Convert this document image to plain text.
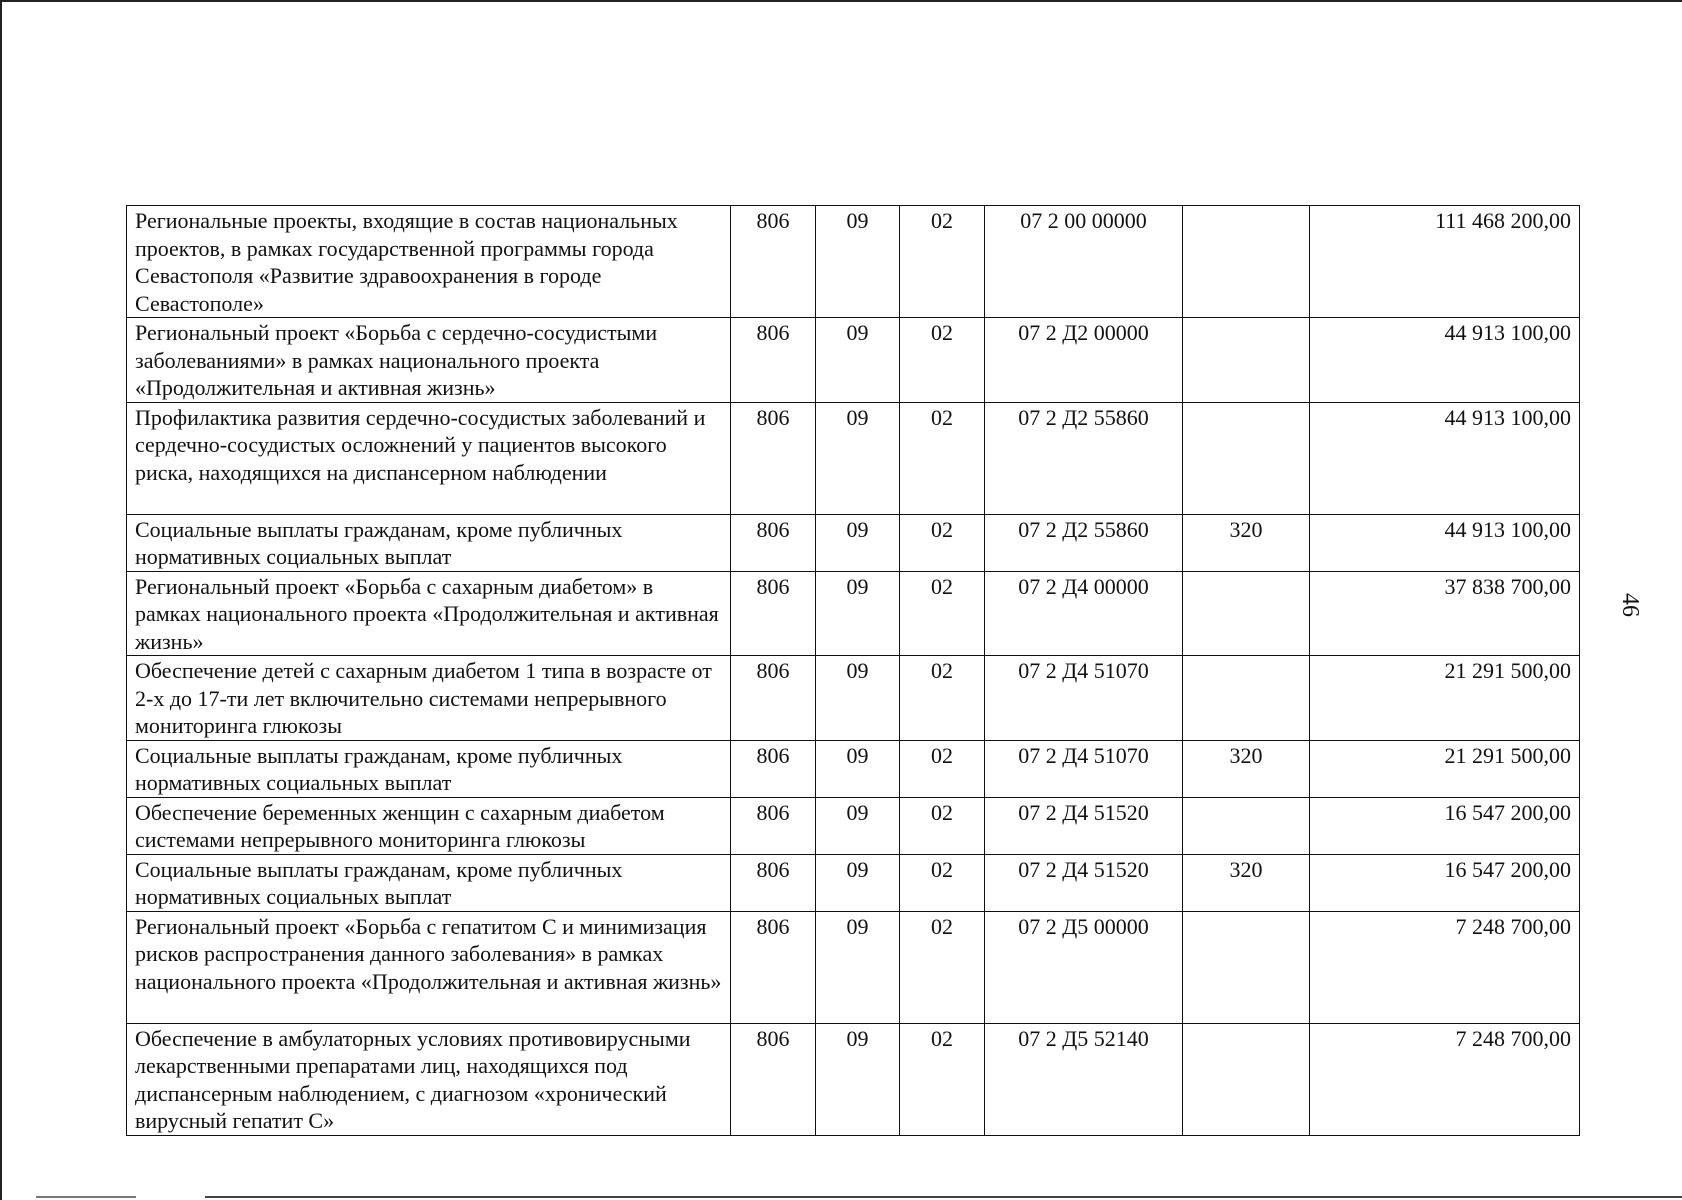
Региональные проекты, входящие в состав национальных проектов, в рамках государственной программы города Севастополя «Развитие здравоохранения в городе Севастополе»	806	09	02	07 2 00 00000		111 468 200,00
Региональный проект «Борьба с сердечно-сосудистыми заболеваниями» в рамках национального проекта «Продолжительная и активная жизнь»	806	09	02	07 2 Д2 00000		44 913 100,00
Профилактика развития сердечно-сосудистых заболеваний и сердечно-сосудистых осложнений у пациентов высокого риска, находящихся на диспансерном наблюдении	806	09	02	07 2 Д2 55860		44 913 100,00
Социальные выплаты гражданам, кроме публичных нормативных социальных выплат	806	09	02	07 2 Д2 55860	320	44 913 100,00
Региональный проект «Борьба с сахарным диабетом» в рамках национального проекта «Продолжительная и активная жизнь»	806	09	02	07 2 Д4 00000		37 838 700,00
Обеспечение детей с сахарным диабетом 1 типа в возрасте от 2-х до 17-ти лет включительно системами непрерывного мониторинга глюкозы	806	09	02	07 2 Д4 51070		21 291 500,00
Социальные выплаты гражданам, кроме публичных нормативных социальных выплат	806	09	02	07 2 Д4 51070	320	21 291 500,00
Обеспечение беременных женщин с сахарным диабетом системами непрерывного мониторинга глюкозы	806	09	02	07 2 Д4 51520		16 547 200,00
Социальные выплаты гражданам, кроме публичных нормативных социальных выплат	806	09	02	07 2 Д4 51520	320	16 547 200,00
Региональный проект «Борьба с гепатитом С и минимизация рисков распространения данного заболевания» в рамках национального проекта «Продолжительная и активная жизнь»	806	09	02	07 2 Д5 00000		7 248 700,00
Обеспечение в амбулаторных условиях противовирусными лекарственными препаратами лиц, находящихся под диспансерным наблюдением, с диагнозом «хронический вирусный гепатит С»	806	09	02	07 2 Д5 52140		7 248 700,00
46
